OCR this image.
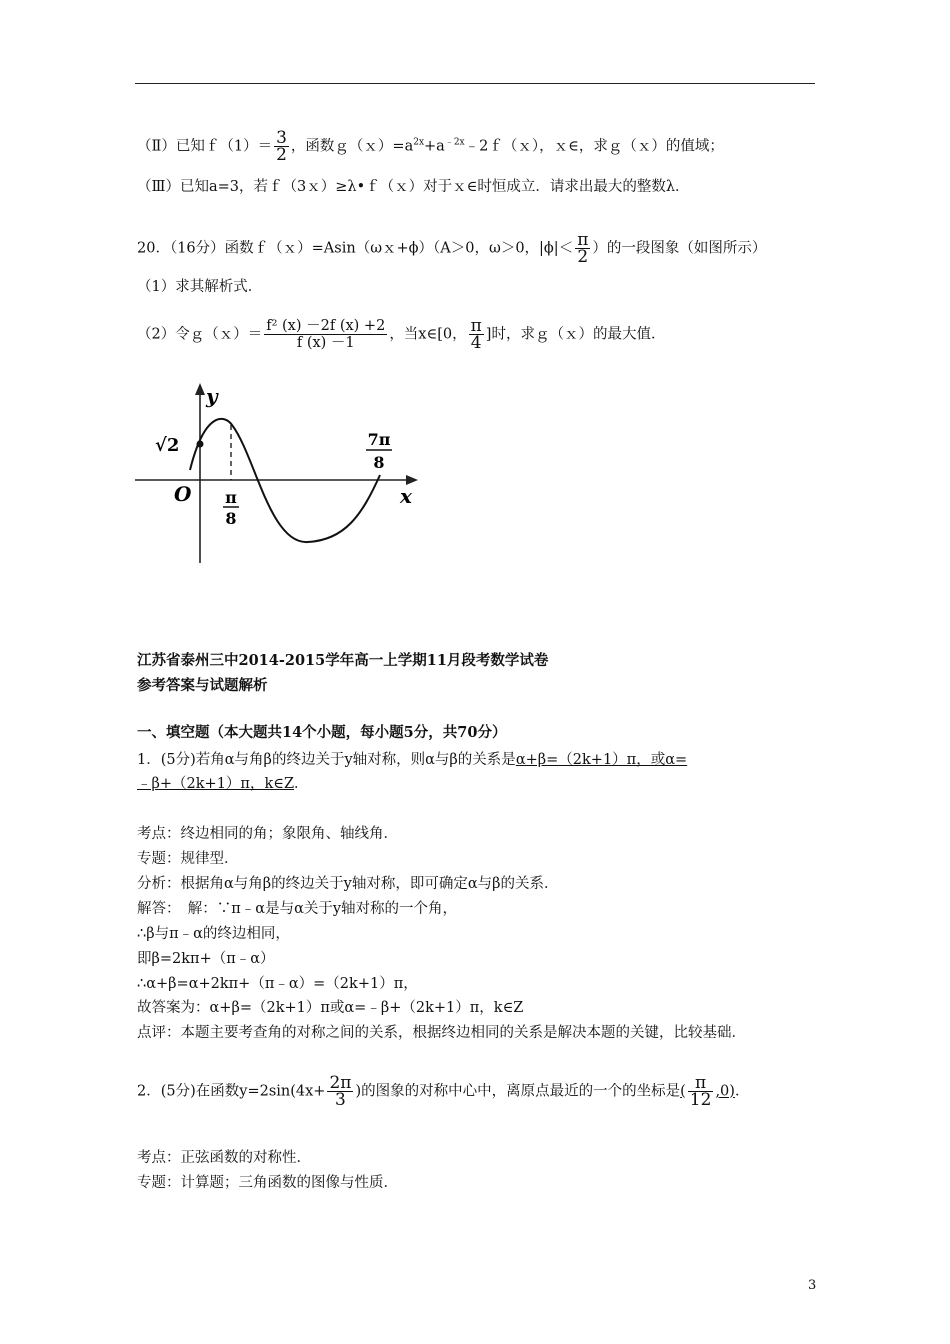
（Ⅱ）已知ｆ（1）＝ $\frac{3}{2}$ ，函数$g(x)=a^{2x}+a^{﹣2x}﹣2f(x)$，ｘ∈，求ｇ（ｘ）的值域；
（Ⅲ）已知a=3，若ｆ（3ｘ）≥λ•ｆ（ｘ）对于ｘ∈时恒成立．请求出最大的整数λ．
20．（16分）函数ｆ（ｘ）=Asin（ωｘ+ϕ）（A＞0，ω＞0，$|\phi|< \frac{\pi}{2}$ ）的一段图象（如图所示）
（1）求其解析式．
（2）令ｇ（ｘ）＝ $\frac{\text{f² (x) －2f (x) +2}}{f (x) -1}$ ，当x∈[0， $\frac{\pi}{4}$ ]时，求ｇ（ｘ）的最大值．
y
x
O
√2
π
8
7π
8
江苏省泰州三中2014-2015学年高一上学期11月段考数学试卷
参考答案与试题解析
一、填空题（本大题共14个小题，每小题5分，共70分）
1．(5分)若角α与角β的终边关于y轴对称，则α与β的关系是α+β=（2k+1）π，或α=
﹣β+（2k+1）π，k∈Z．
考点：终边相同的角；象限角、轴线角．
专题：规律型．
分析：根据角α与角β的终边关于y轴对称，即可确定α与β的关系．
解答：　解：∵π﹣α是与α关于y轴对称的一个角，
∴β与π﹣α的终边相同，
即β=2kπ+（π﹣α）
∴α+β=α+2kπ+（π﹣α）=（2k+1）π，
故答案为：α+β=（2k+1）π或α=﹣β+（2k+1）π，k∈Z
点评：本题主要考查角的对称之间的关系，根据终边相同的关系是解决本题的关键，比较基础．
2．(5分)在函数$y=2\sin(4x+ \frac{2\pi}{3}$ )的图象的对称中心中，离原点最近的一个的坐标是( $\frac{\pi}{12} ,0$)．
考点：正弦函数的对称性．
专题：计算题；三角函数的图像与性质．
3
